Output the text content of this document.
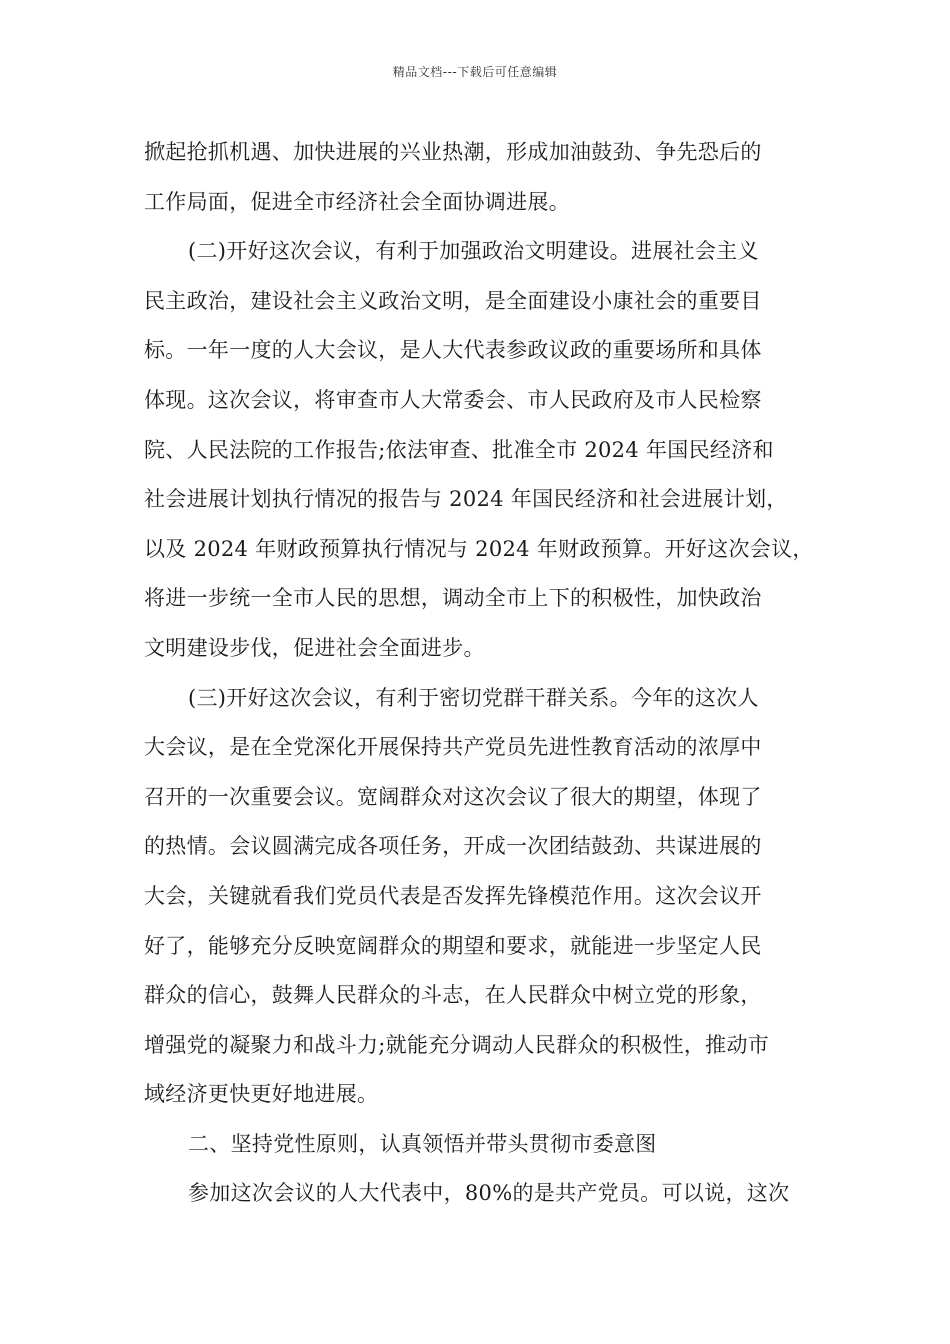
精品文档---下载后可任意编辑
掀起抢抓机遇、加快进展的兴业热潮，形成加油鼓劲、争先恐后的
工作局面，促进全市经济社会全面协调进展。
(二)开好这次会议，有利于加强政治文明建设。进展社会主义
民主政治，建设社会主义政治文明，是全面建设小康社会的重要目
标。一年一度的人大会议，是人大代表参政议政的重要场所和具体
体现。这次会议，将审查市人大常委会、市人民政府及市人民检察
院、人民法院的工作报告;依法审查、批准全市 2024 年国民经济和
社会进展计划执行情况的报告与 2024 年国民经济和社会进展计划，
以及 2024 年财政预算执行情况与 2024 年财政预算。开好这次会议，
将进一步统一全市人民的思想，调动全市上下的积极性，加快政治
文明建设步伐，促进社会全面进步。
(三)开好这次会议，有利于密切党群干群关系。今年的这次人
大会议，是在全党深化开展保持共产党员先进性教育活动的浓厚中
召开的一次重要会议。宽阔群众对这次会议了很大的期望，体现了
的热情。会议圆满完成各项任务，开成一次团结鼓劲、共谋进展的
大会，关键就看我们党员代表是否发挥先锋模范作用。这次会议开
好了，能够充分反映宽阔群众的期望和要求，就能进一步坚定人民
群众的信心，鼓舞人民群众的斗志，在人民群众中树立党的形象，
增强党的凝聚力和战斗力;就能充分调动人民群众的积极性，推动市
域经济更快更好地进展。
二、坚持党性原则，认真领悟并带头贯彻市委意图
参加这次会议的人大代表中，80%的是共产党员。可以说，这次
